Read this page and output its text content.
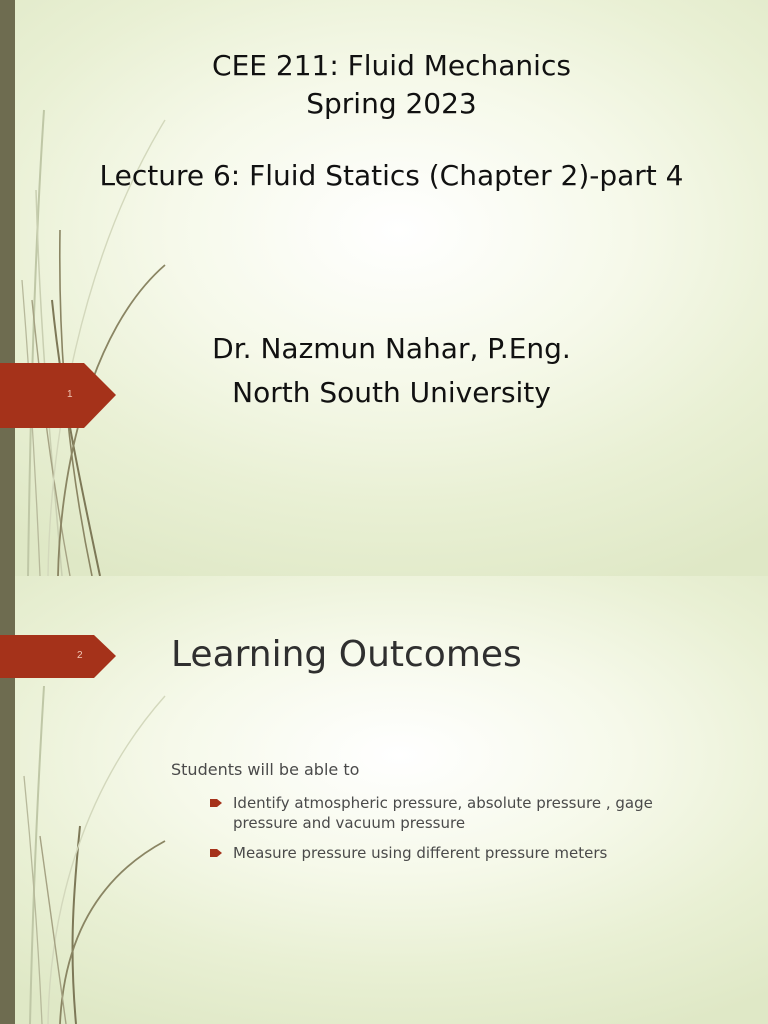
1
CEE 211: Fluid Mechanics
Spring 2023
Lecture 6: Fluid Statics (Chapter 2)-part 4
Dr. Nazmun Nahar, P.Eng.
North South University
2 Learning Outcomes
Students will be able to
Identify atmospheric pressure, absolute pressure , gage pressure and vacuum pressure
Measure pressure using different pressure meters
